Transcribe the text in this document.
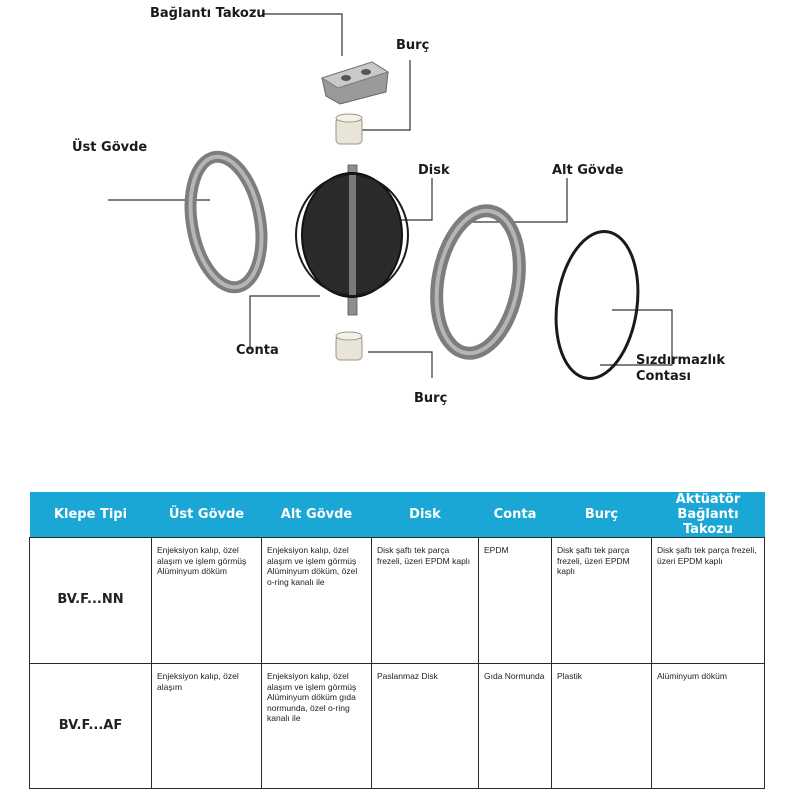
Bağlantı Takozu
Burç
Üst Gövde
Disk	Alt Gövde
Conta
Sızdırmazlık
Contası
Burç
Klepe Tipi	Üst Gövde	Alt Gövde	Disk	Conta	Burç	Aktüatör Bağlantı Takozu
BV.F...NN	Enjeksiyon kalıp, özel alaşım ve işlem görmüş Alüminyum döküm	Enjeksiyon kalıp, özel alaşım ve işlem görmüş Alüminyum döküm, özel o-ring kanalı ile	Disk şaftı tek parça frezeli, üzeri EPDM kaplı	EPDM	Disk şaftı tek parça frezeli, üzeri EPDM kaplı	Disk şaftı tek parça frezeli, üzeri EPDM kaplı
BV.F...AF	Enjeksiyon kalıp, özel alaşım	Enjeksiyon kalıp, özel alaşım ve işlem görmüş Alüminyum döküm gıda normunda, özel o-ring kanalı ile	Paslanmaz Disk	Gıda Normunda	Plastik	Alüminyum döküm
